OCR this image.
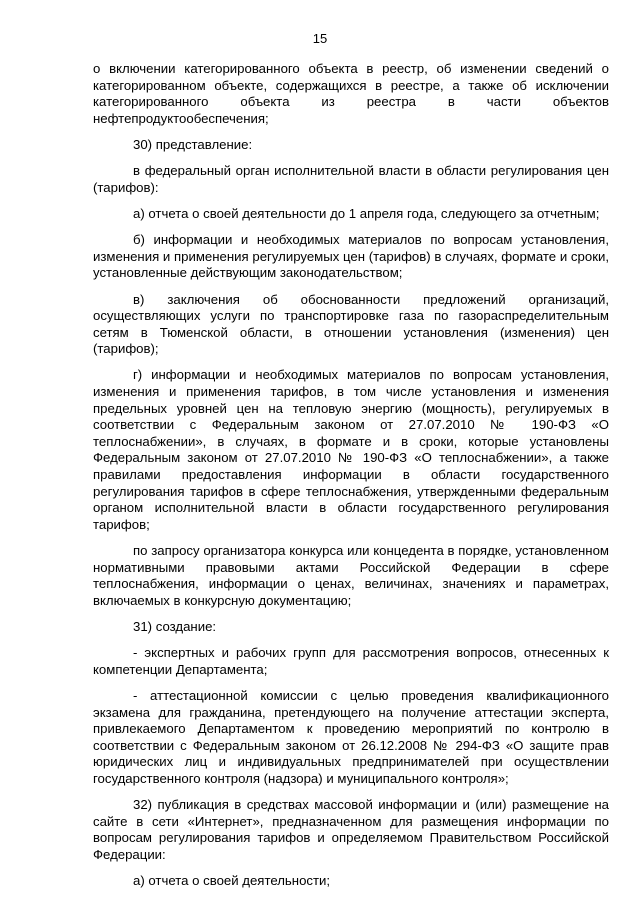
15

о включении категорированного объекта в реестр, об изменении сведений о категорированном объекте, содержащихся в реестре, а также об исключении категорированного объекта из реестра в части объектов нефтепродуктообеспечения;

30) представление:

в федеральный орган исполнительной власти в области регулирования цен (тарифов):

а) отчета о своей деятельности до 1 апреля года, следующего за отчетным;

б) информации и необходимых материалов по вопросам установления, изменения и применения регулируемых цен (тарифов) в случаях, формате и сроки, установленные действующим законодательством;

в) заключения об обоснованности предложений организаций, осуществляющих услуги по транспортировке газа по газораспределительным сетям в Тюменской области, в отношении установления (изменения) цен (тарифов);

г) информации и необходимых материалов по вопросам установления, изменения и применения тарифов, в том числе установления и изменения предельных уровней цен на тепловую энергию (мощность), регулируемых в соответствии с Федеральным законом от 27.07.2010 № 190-ФЗ «О теплоснабжении», в случаях, в формате и в сроки, которые установлены Федеральным законом от 27.07.2010 № 190-ФЗ «О теплоснабжении», а также правилами предоставления информации в области государственного регулирования тарифов в сфере теплоснабжения, утвержденными федеральным органом исполнительной власти в области государственного регулирования тарифов;

по запросу организатора конкурса или концедента в порядке, установленном нормативными правовыми актами Российской Федерации в сфере теплоснабжения, информации о ценах, величинах, значениях и параметрах, включаемых в конкурсную документацию;

31) создание:

- экспертных и рабочих групп для рассмотрения вопросов, отнесенных к компетенции Департамента;

- аттестационной комиссии с целью проведения квалификационного экзамена для гражданина, претендующего на получение аттестации эксперта, привлекаемого Департаментом к проведению мероприятий по контролю в соответствии с Федеральным законом от 26.12.2008 № 294-ФЗ «О защите прав юридических лиц и индивидуальных предпринимателей при осуществлении государственного контроля (надзора) и муниципального контроля»;

32) публикация в средствах массовой информации и (или) размещение на сайте в сети «Интернет», предназначенном для размещения информации по вопросам регулирования тарифов и определяемом Правительством Российской Федерации:

а) отчета о своей деятельности;
